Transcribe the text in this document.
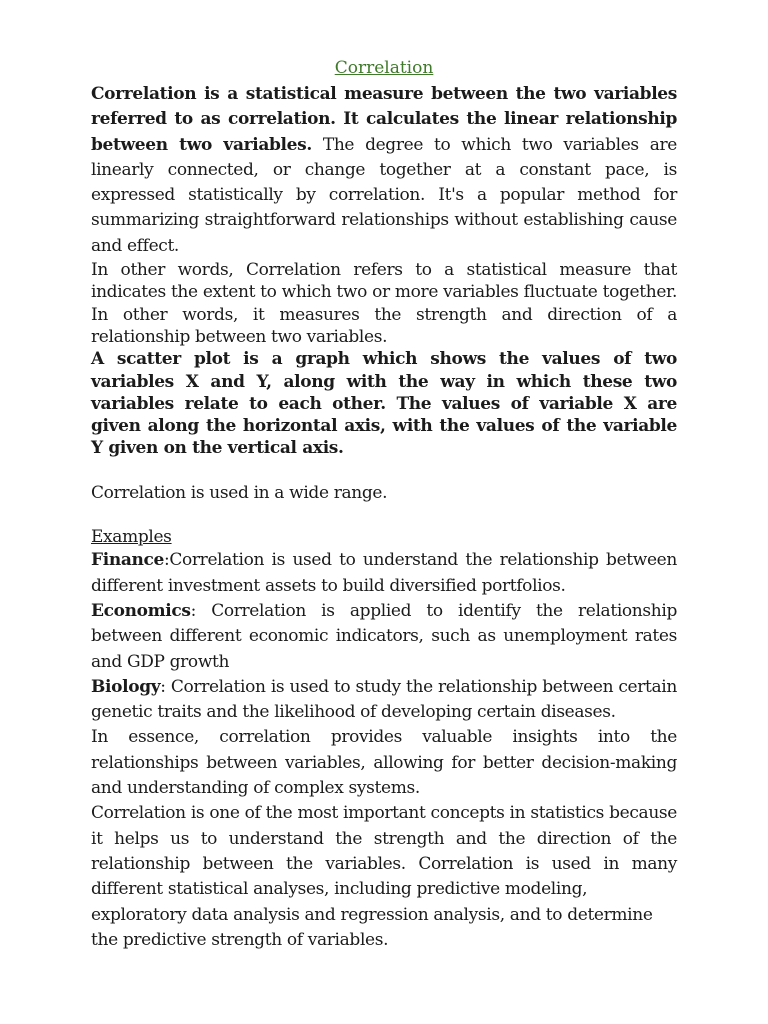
Correlation

Correlation is a statistical measure between the two variables referred to as correlation. It calculates the linear relationship between two variables. The degree to which two variables are linearly connected, or change together at a constant pace, is expressed statistically by correlation. It's a popular method for summarizing straightforward relationships without establishing cause and effect.

In other words, Correlation refers to a statistical measure that indicates the extent to which two or more variables fluctuate together. In other words, it measures the strength and direction of a relationship between two variables.

A scatter plot is a graph which shows the values of two variables X and Y, along with the way in which these two variables relate to each other. The values of variable X are given along the horizontal axis, with the values of the variable Y given on the vertical axis.

Correlation is used in a wide range.

Examples

Finance:Correlation is used to understand the relationship between different investment assets to build diversified portfolios.

Economics: Correlation is applied to identify the relationship between different economic indicators, such as unemployment rates and GDP growth

Biology: Correlation is used to study the relationship between certain genetic traits and the likelihood of developing certain diseases.

In essence, correlation provides valuable insights into the relationships between variables, allowing for better decision-making and understanding of complex systems.

Correlation is one of the most important concepts in statistics because it helps us to understand the strength and the direction of the relationship between the variables. Correlation is used in many different statistical analyses, including predictive modeling,

exploratory data analysis and regression analysis, and to determine the predictive strength of variables.
